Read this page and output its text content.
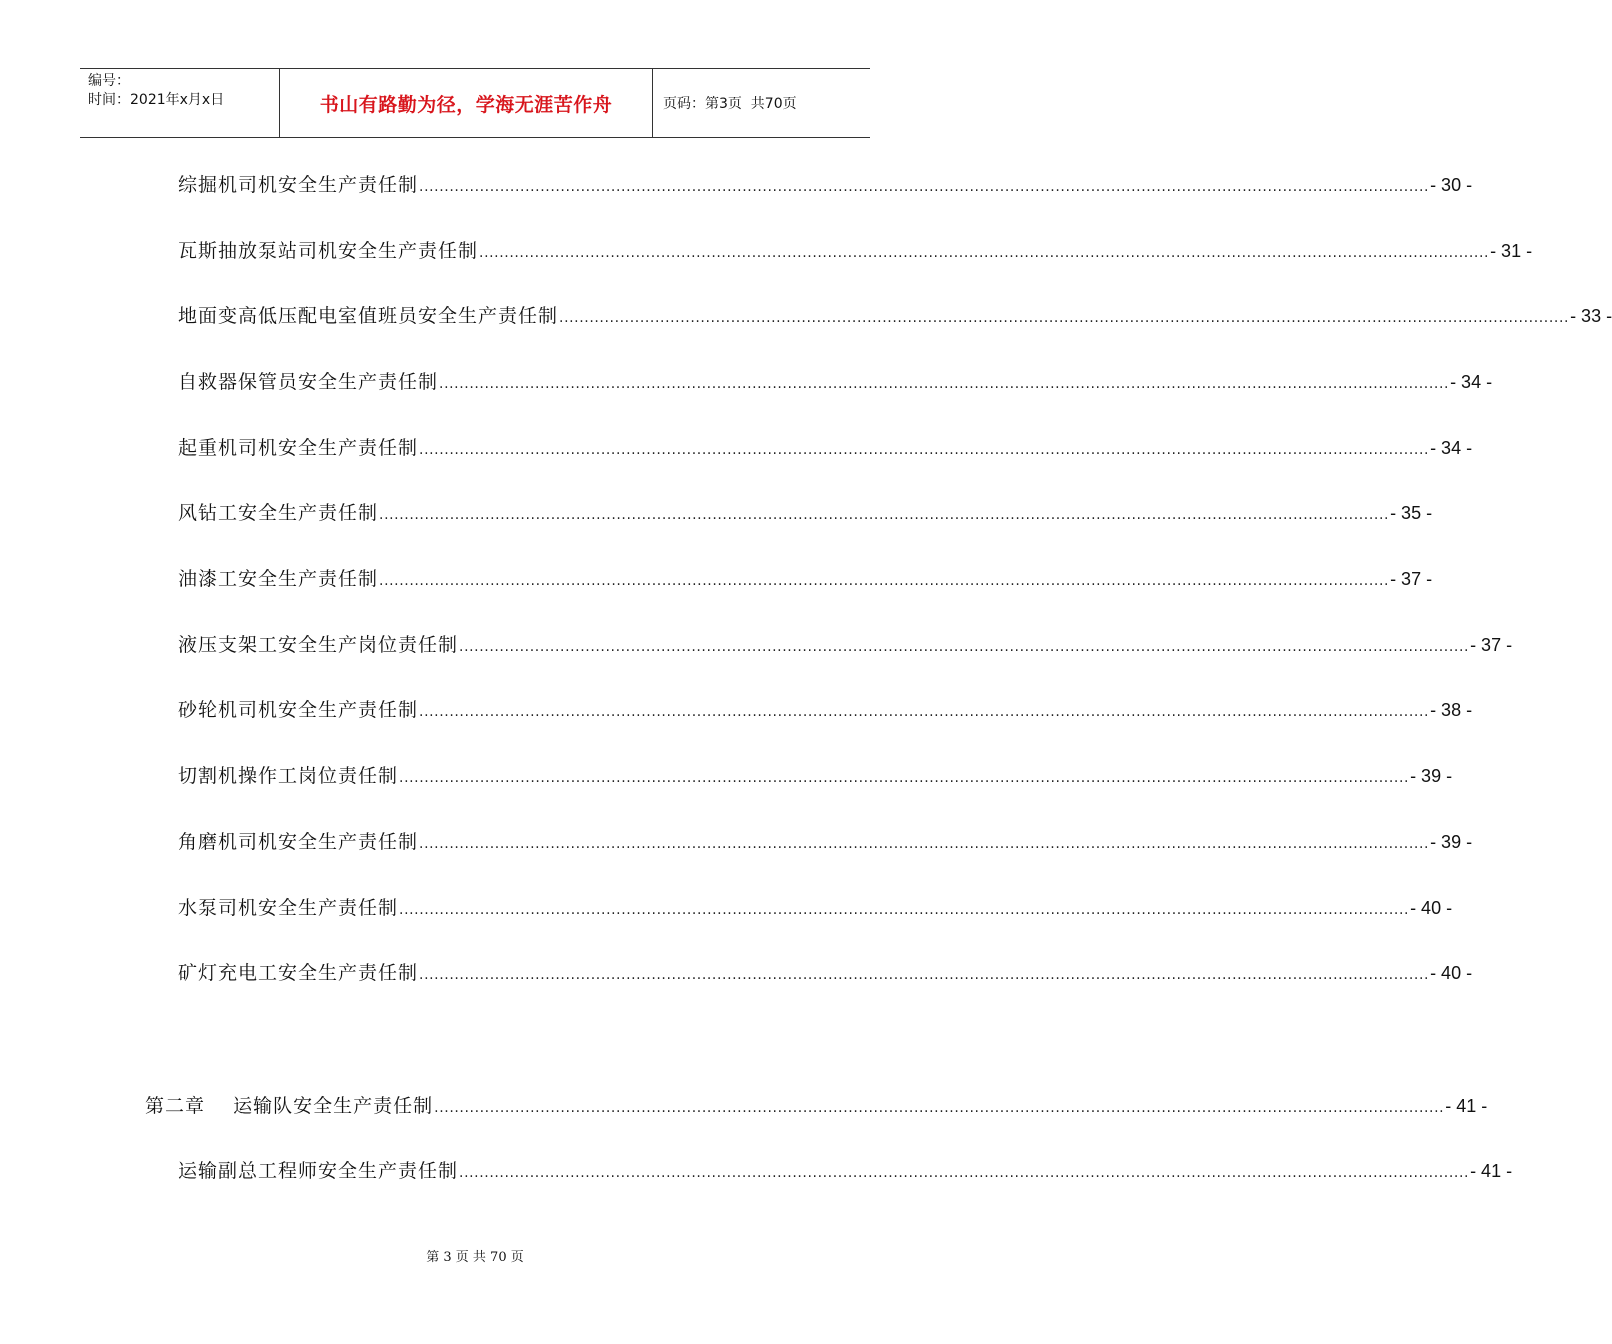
编号：
时间：2021年x月x日	书山有路勤为径，学海无涯苦作舟	页码：第3页  共70页
综掘机司机安全生产责任制 ........................................................................................................................................................................................................ - 30 -
瓦斯抽放泵站司机安全生产责任制 ........................................................................................................................................................................................................ - 31 -
地面变高低压配电室值班员安全生产责任制 ........................................................................................................................................................................................................ - 33 -
自救器保管员安全生产责任制 ........................................................................................................................................................................................................ - 34 -
起重机司机安全生产责任制 ........................................................................................................................................................................................................ - 34 -
风钻工安全生产责任制 ........................................................................................................................................................................................................ - 35 -
油漆工安全生产责任制 ........................................................................................................................................................................................................ - 37 -
液压支架工安全生产岗位责任制 ........................................................................................................................................................................................................ - 37 -
砂轮机司机安全生产责任制 ........................................................................................................................................................................................................ - 38 -
切割机操作工岗位责任制 ........................................................................................................................................................................................................ - 39 -
角磨机司机安全生产责任制 ........................................................................................................................................................................................................ - 39 -
水泵司机安全生产责任制 ........................................................................................................................................................................................................ - 40 -
矿灯充电工安全生产责任制 ........................................................................................................................................................................................................ - 40 -
第二章    运输队安全生产责任制 ........................................................................................................................................................................................................ - 41 -
运输副总工程师安全生产责任制 ........................................................................................................................................................................................................ - 41 -
第 3 页 共 70 页
